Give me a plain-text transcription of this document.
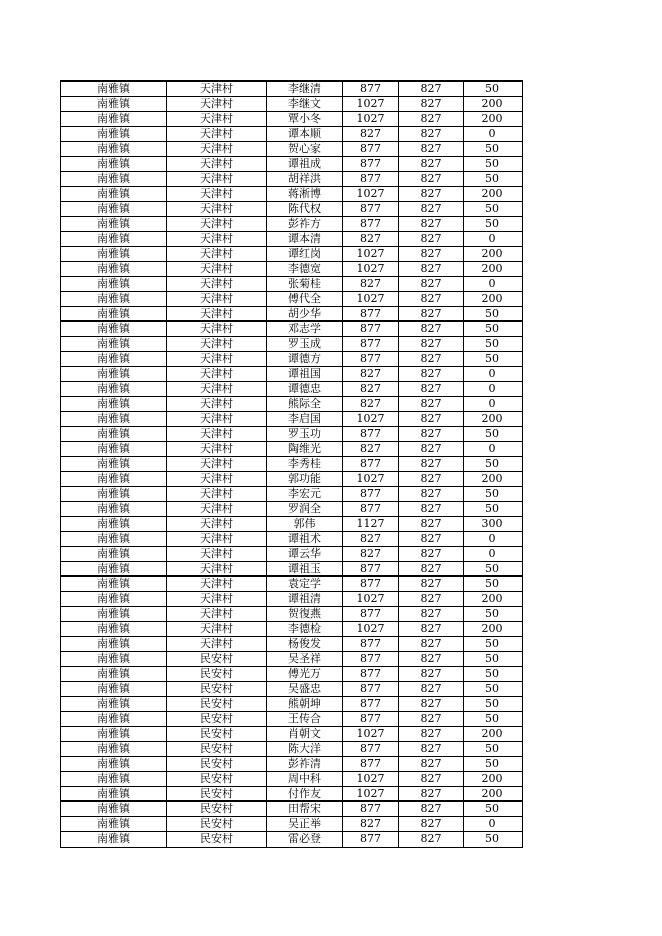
南雅镇	天津村	李继清	877	827	50
南雅镇	天津村	李继文	1027	827	200
南雅镇	天津村	覃小冬	1027	827	200
南雅镇	天津村	谭本顺	827	827	0
南雅镇	天津村	贺心家	877	827	50
南雅镇	天津村	谭祖成	877	827	50
南雅镇	天津村	胡祥洪	877	827	50
南雅镇	天津村	蒋淅博	1027	827	200
南雅镇	天津村	陈代权	877	827	50
南雅镇	天津村	彭祚方	877	827	50
南雅镇	天津村	谭本清	827	827	0
南雅镇	天津村	谭红岗	1027	827	200
南雅镇	天津村	李德宽	1027	827	200
南雅镇	天津村	张菊桂	827	827	0
南雅镇	天津村	傅代全	1027	827	200
南雅镇	天津村	胡少华	877	827	50
南雅镇	天津村	邓志学	877	827	50
南雅镇	天津村	罗玉成	877	827	50
南雅镇	天津村	谭德方	877	827	50
南雅镇	天津村	谭祖国	827	827	0
南雅镇	天津村	谭德忠	827	827	0
南雅镇	天津村	熊际全	827	827	0
南雅镇	天津村	李启国	1027	827	200
南雅镇	天津村	罗玉功	877	827	50
南雅镇	天津村	陶维光	827	827	0
南雅镇	天津村	李秀桂	877	827	50
南雅镇	天津村	郭功能	1027	827	200
南雅镇	天津村	李宏元	877	827	50
南雅镇	天津村	罗润全	877	827	50
南雅镇	天津村	郭伟	1127	827	300
南雅镇	天津村	谭祖术	827	827	0
南雅镇	天津村	谭云华	827	827	0
南雅镇	天津村	谭祖玉	877	827	50
南雅镇	天津村	袁定学	877	827	50
南雅镇	天津村	谭祖清	1027	827	200
南雅镇	天津村	贺復燕	877	827	50
南雅镇	天津村	李德检	1027	827	200
南雅镇	天津村	杨俊发	877	827	50
南雅镇	民安村	吴圣祥	877	827	50
南雅镇	民安村	傅光万	877	827	50
南雅镇	民安村	吴盛忠	877	827	50
南雅镇	民安村	熊朝坤	877	827	50
南雅镇	民安村	王传合	877	827	50
南雅镇	民安村	肖朝文	1027	827	200
南雅镇	民安村	陈大洋	877	827	50
南雅镇	民安村	彭祚清	877	827	50
南雅镇	民安村	周中科	1027	827	200
南雅镇	民安村	付作友	1027	827	200
南雅镇	民安村	田帮宋	877	827	50
南雅镇	民安村	吴正举	827	827	0
南雅镇	民安村	雷必登	877	827	50
